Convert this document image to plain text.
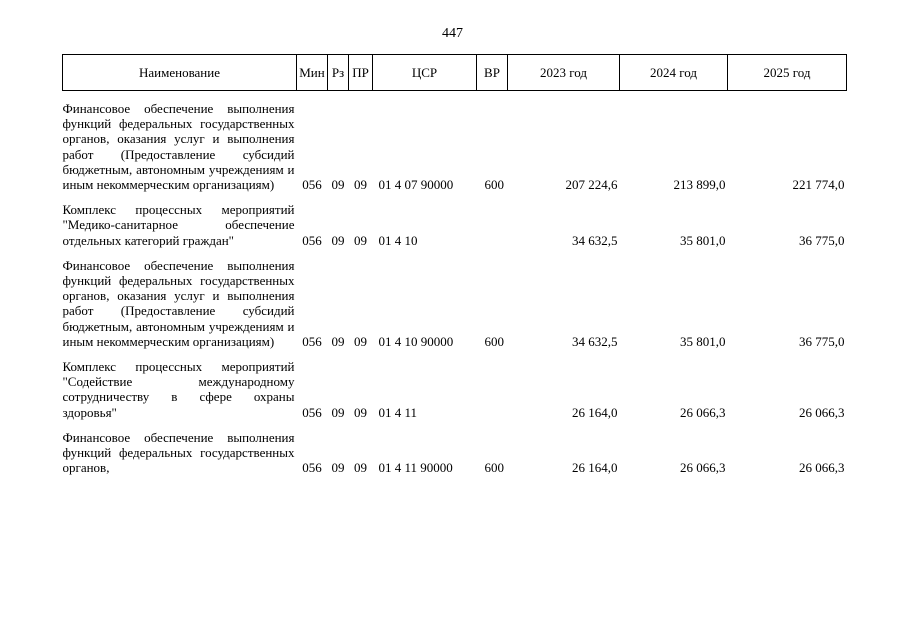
447
Наименование	Мин	Рз	ПР	ЦСР	ВР	2023 год	2024 год	2025 год

Финансовое обеспечение выполнения функций федеральных государственных органов, оказания услуг и выполнения работ (Предоставление субсидий бюджетным, автономным учреждениям и иным некоммерческим организациям)	056	09	09	01 4 07 90000	600	207 224,6	213 899,0	221 774,0

Комплекс процессных мероприятий "Медико-санитарное обеспечение отдельных категорий граждан"	056	09	09	01 4 10		34 632,5	35 801,0	36 775,0

Финансовое обеспечение выполнения функций федеральных государственных органов, оказания услуг и выполнения работ (Предоставление субсидий бюджетным, автономным учреждениям и иным некоммерческим организациям)	056	09	09	01 4 10 90000	600	34 632,5	35 801,0	36 775,0

Комплекс процессных мероприятий "Содействие международному сотрудничеству в сфере охраны здоровья"	056	09	09	01 4 11		26 164,0	26 066,3	26 066,3

Финансовое обеспечение выполнения функций федеральных государственных органов,	056	09	09	01 4 11 90000	600	26 164,0	26 066,3	26 066,3
